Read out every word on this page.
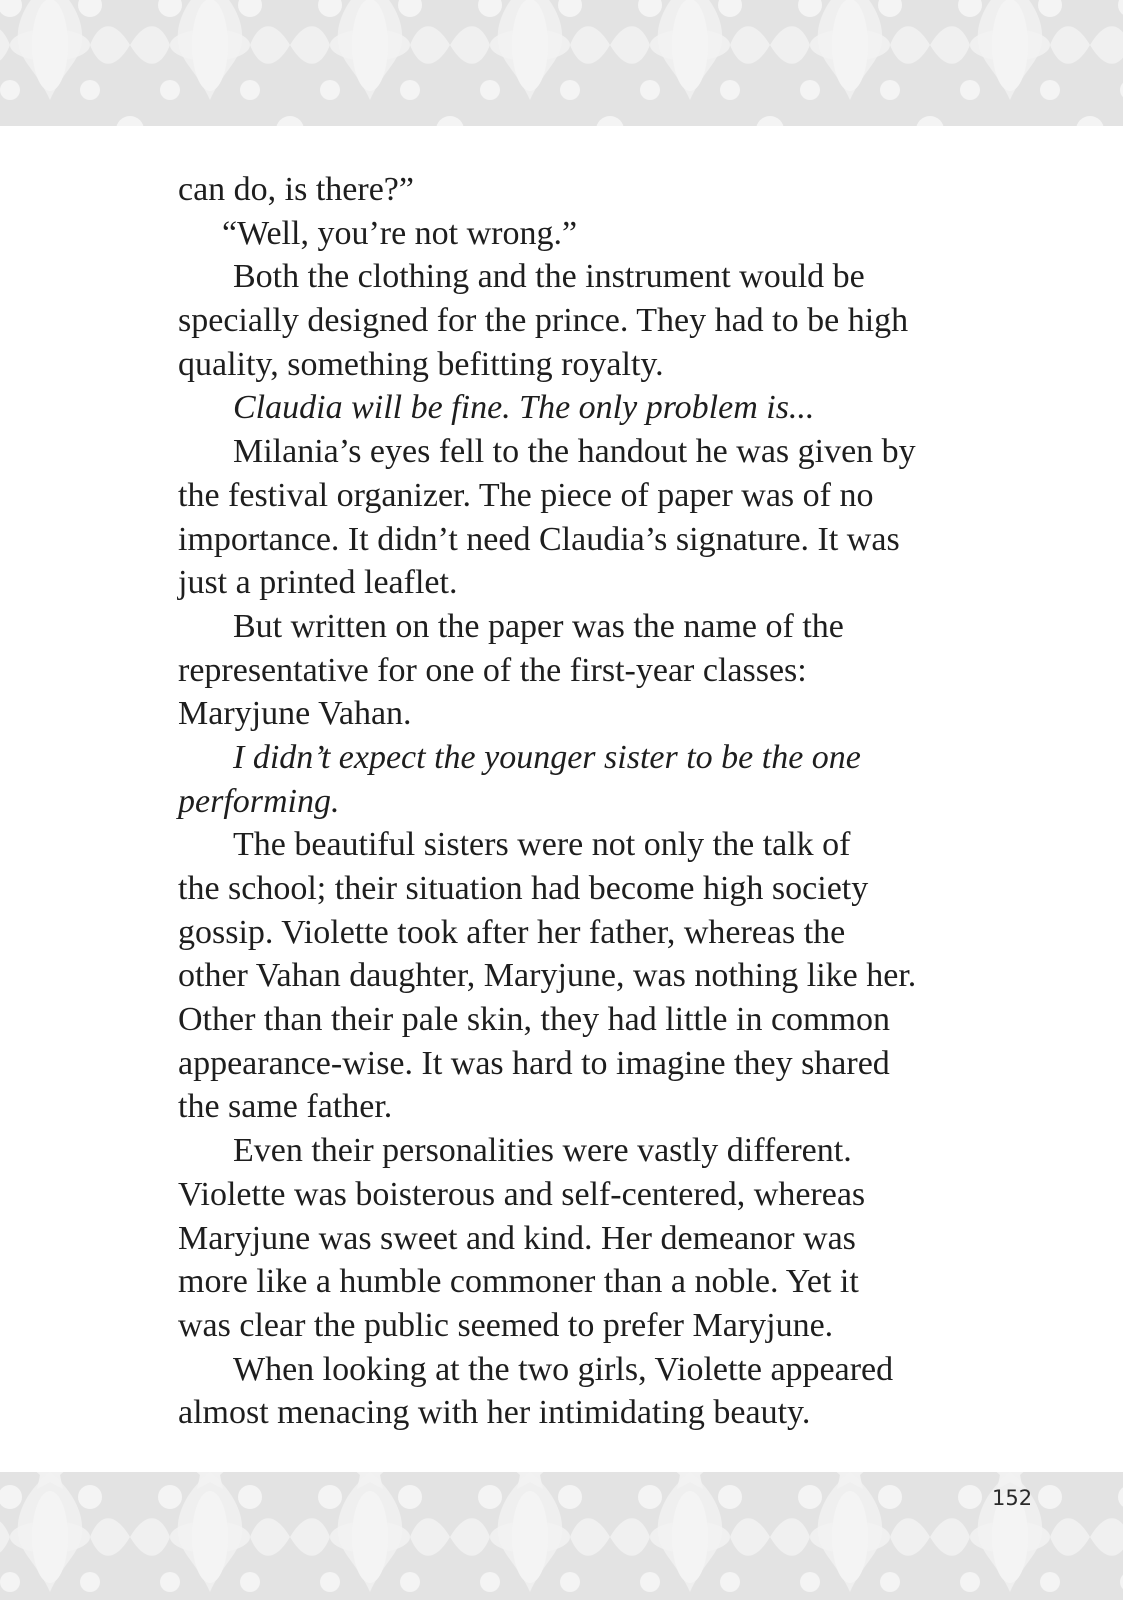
can do, is there?”
“Well, you’re not wrong.”
Both the clothing and the instrument would be
specially designed for the prince. They had to be high
quality, something befitting royalty.
Claudia will be fine. The only problem is...
Milania’s eyes fell to the handout he was given by
the festival organizer. The piece of paper was of no
importance. It didn’t need Claudia’s signature. It was
just a printed leaflet.
But written on the paper was the name of the
representative for one of the first-year classes:
Maryjune Vahan.
I didn’t expect the younger sister to be the one
performing.
The beautiful sisters were not only the talk of
the school; their situation had become high society
gossip. Violette took after her father, whereas the
other Vahan daughter, Maryjune, was nothing like her.
Other than their pale skin, they had little in common
appearance-wise. It was hard to imagine they shared
the same father.
Even their personalities were vastly different.
Violette was boisterous and self-centered, whereas
Maryjune was sweet and kind. Her demeanor was
more like a humble commoner than a noble. Yet it
was clear the public seemed to prefer Maryjune.
When looking at the two girls, Violette appeared
almost menacing with her intimidating beauty.
152
